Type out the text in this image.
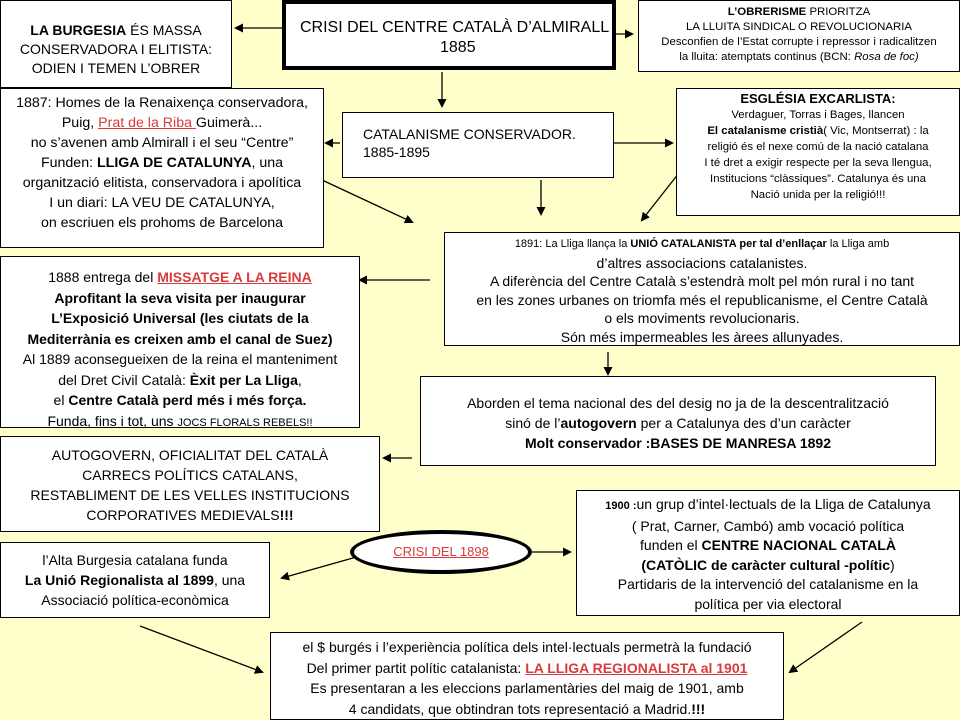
CRISI DEL CENTRE CATALÀ D’ALMIRALL
1885
LA BURGESIA ÉS MASSA
CONSERVADORA I ELITISTA:
ODIEN I TEMEN L’OBRER
L’OBRERISME PRIORITZA
LA LLUITA SINDICAL O REVOLUCIONARIA
Desconfien de l’Estat corrupte i repressor i radicalitzen
la lluita: atemptats continus (BCN: Rosa de foc)
1887: Homes de la Renaixença conservadora,
Puig, Prat de la Riba Guimerà...
no s’avenen amb Almirall i el seu “Centre”
Funden: LLIGA DE CATALUNYA, una
organització elitista, conservadora i apolítica
I un diari: LA VEU DE CATALUNYA,
on escriuen els prohoms de Barcelona
CATALANISME CONSERVADOR.
1885-1895
ESGLÉSIA EXCARLISTA:
Verdaguer, Torras i Bages, llancen
El catalanisme cristià( Vic, Montserrat) : la
religió és el nexe comú de la nació catalana
I té dret a exigir respecte per la seva llengua,
Institucions “clàssiques”. Catalunya és una
Nació unida per la religió!!!
1891: La Lliga llança la UNIÓ CATALANISTA per tal d’enllaçar la Lliga amb
d’altres associacions catalanistes.
A diferència del Centre Català s’estendrà molt pel món rural i no tant
en les zones urbanes on triomfa més el republicanisme, el Centre Català
o els moviments revolucionaris.
Són més impermeables les àrees allunyades.
1888 entrega del MISSATGE A LA REINA
Aprofitant la seva visita per inaugurar
L’Exposició Universal (les ciutats de la
Mediterrània es creixen amb el canal de Suez)
Al 1889 aconsegueixen de la reina el manteniment
del Dret Civil Català: Èxit per La Lliga,
el Centre Català perd més i més força.
Funda, fins i tot, uns JOCS FLORALS REBELS!!
Aborden el tema nacional des del desig no ja de la descentralització
sinó de l’autogovern per a Catalunya des d’un caràcter
Molt conservador :BASES DE MANRESA 1892
AUTOGOVERN, OFICIALITAT DEL CATALÀ
CARRECS POLÍTICS CATALANS,
RESTABLIMENT DE LES VELLES INSTITUCIONS
CORPORATIVES MEDIEVALS!!!
CRISI DEL 1898
1900 :un grup d’intel·lectuals de la Lliga de Catalunya
( Prat, Carner, Cambó) amb vocació política
funden el CENTRE NACIONAL CATALÀ
(CATÒLIC de caràcter cultural -polític)
Partidaris de la intervenció del catalanisme en la
política per via electoral
l’Alta Burgesia catalana funda
La Unió Regionalista al 1899, una
Associació política-econòmica
el $ burgés i l’experiència política dels intel·lectuals permetrà la fundació
Del primer partit polític catalanista: LA LLIGA REGIONALISTA al 1901
Es presentaran a les eleccions parlamentàries del maig de 1901, amb
4 candidats, que obtindran tots representació a Madrid.!!!
